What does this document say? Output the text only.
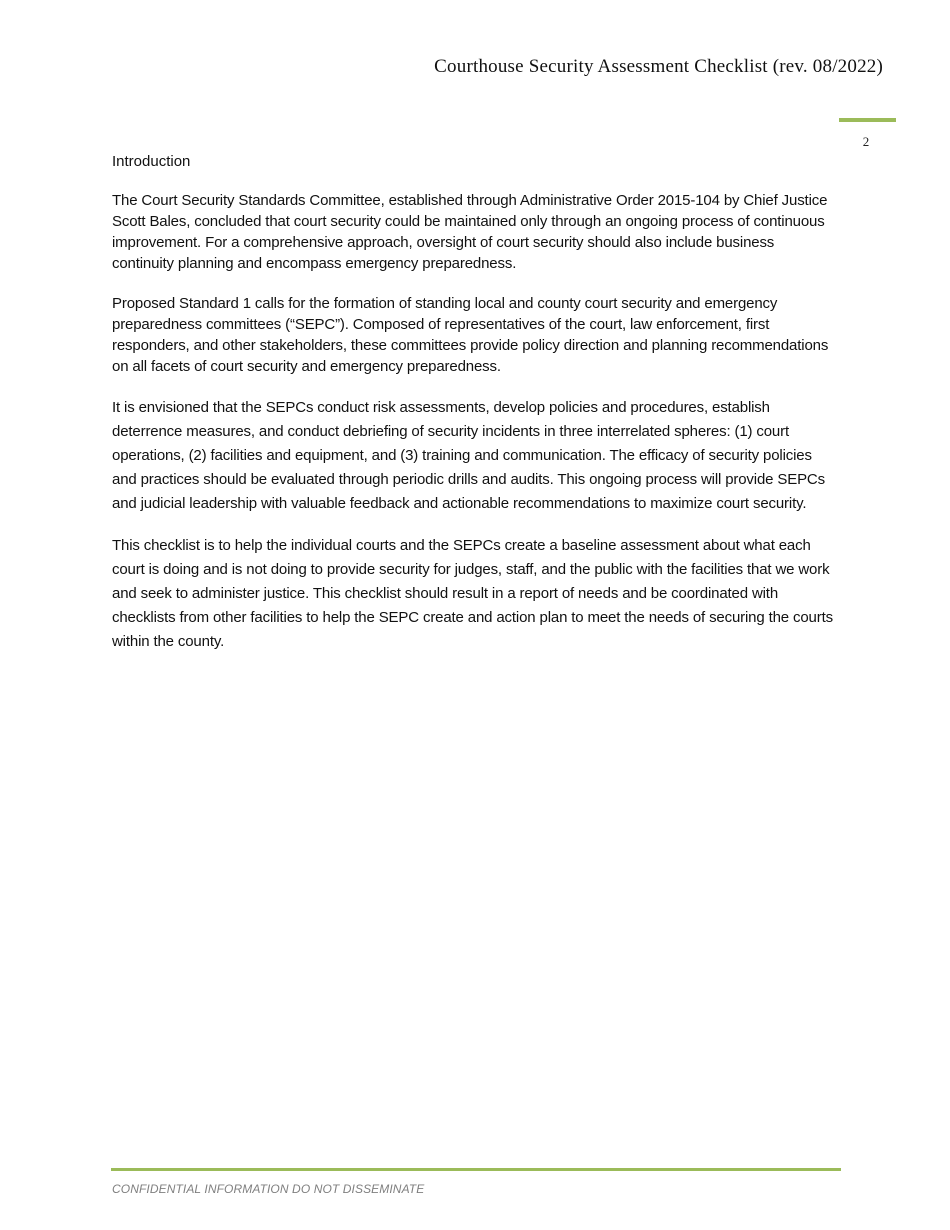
Courthouse Security Assessment Checklist (rev. 08/2022)
2

Introduction

The Court Security Standards Committee, established through Administrative Order 2015-104 by Chief Justice Scott Bales, concluded that court security could be maintained only through an ongoing process of continuous improvement. For a comprehensive approach, oversight of court security should also include business continuity planning and encompass emergency preparedness.

Proposed Standard 1 calls for the formation of standing local and county court security and emergency preparedness committees (“SEPC”). Composed of representatives of the court, law enforcement, first responders, and other stakeholders, these committees provide policy direction and planning recommendations on all facets of court security and emergency preparedness.

It is envisioned that the SEPCs conduct risk assessments, develop policies and procedures, establish deterrence measures, and conduct debriefing of security incidents in three interrelated spheres: (1) court operations, (2) facilities and equipment, and (3) training and communication. The efficacy of security policies and practices should be evaluated through periodic drills and audits. This ongoing process will provide SEPCs and judicial leadership with valuable feedback and actionable recommendations to maximize court security.

This checklist is to help the individual courts and the SEPCs create a baseline assessment about what each court is doing and is not doing to provide security for judges, staff, and the public with the facilities that we work and seek to administer justice. This checklist should result in a report of needs and be coordinated with checklists from other facilities to help the SEPC create and action plan to meet the needs of securing the courts within the county.

CONFIDENTIAL INFORMATION DO NOT DISSEMINATE
